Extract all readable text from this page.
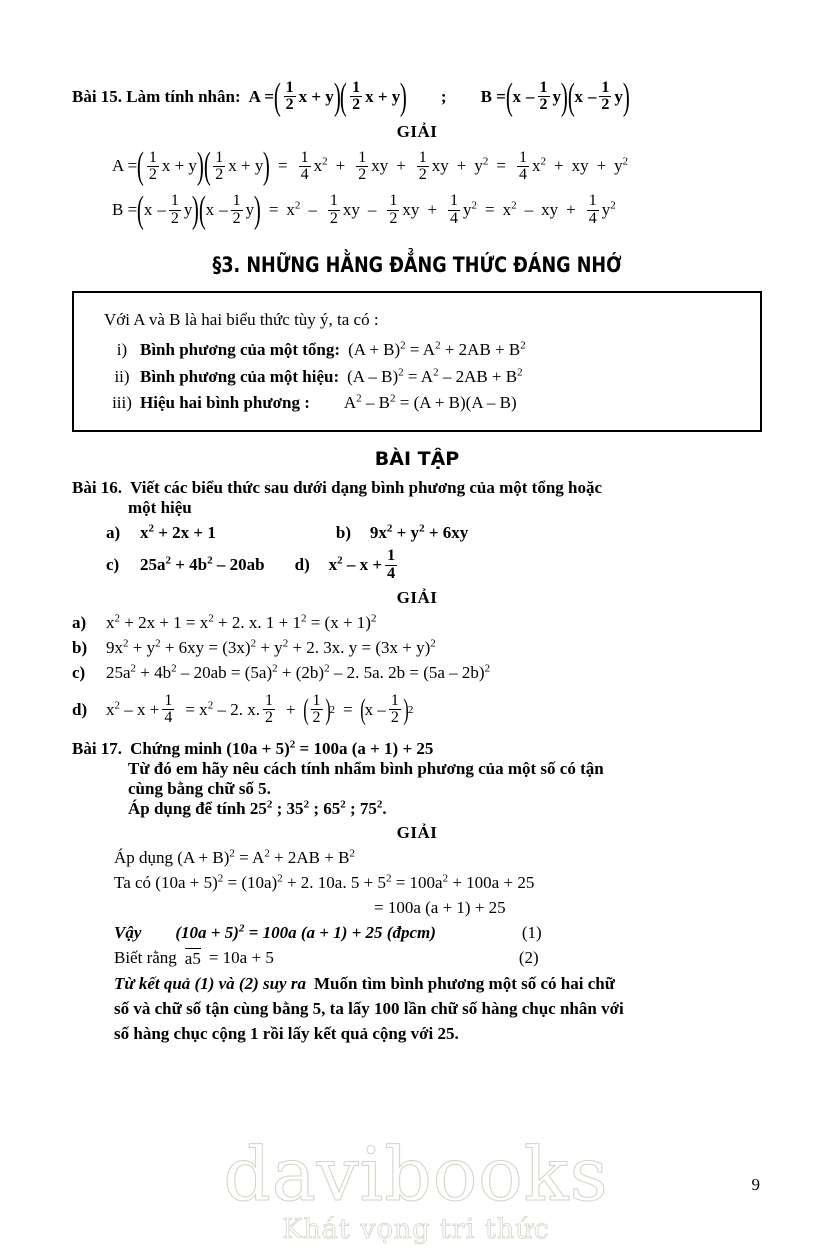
Bài 15. Làm tính nhân: A = ( $\frac{1}{2}$ x + y ) ( $\frac{1}{2}$ x + y ) ; B = ( x – $\frac{1}{2}$ y ) ( x – $\frac{1}{2}$ y )
GIẢI
A = ( $\frac{1}{2}$ x + y ) ( $\frac{1}{2}$ x + y ) = $\frac{1}{4} x^2 + \frac{1}{2}$ xy + $\frac{1}{2}$ xy + $y^2 = \frac{1}{4} x^2$ + xy + $y^2$
B = ( x – $\frac{1}{2}$ y ) ( x – $\frac{1}{2}$ y ) = $x^2 - \frac{1}{2}$ xy – $\frac{1}{2}$ xy + $\frac{1}{4} y^2 = x^2$ – xy + $\frac{1}{4} y^2$
§3. NHỮNG HẰNG ĐẲNG THỨC ĐÁNG NHỚ
Với A và B là hai biểu thức tùy ý, ta có :
i) Bình phương của một tổng: $(A + B)^2 = A^2 + 2AB + B^2$
ii) Bình phương của một hiệu: $(A - B)^2 = A^2 - 2AB + B^2$
iii) Hiệu hai bình phương : $A^2 - B^2 = (A + B)(A - B)$
BÀI TẬP
Bài 16. Viết các biểu thức sau dưới dạng bình phương của một tổng hoặc
một hiệu
a)	$x^2 + 2x + 1$	b)	$9x^2 + y^2 + 6xy$
c)	$25a^2 + 4b^2 - 20ab$ d)	$x^2 - x + \frac{1}{4}$
GIẢI
a)	$x^2 + 2x + 1 = x^2 + 2$. x. $1 + 1^2 = (x + 1)^2$
b)	$9x^2 + y^2 + 6xy = (3x)^2 + y^2 + 2$. 3x. $y = (3x + y)^2$
c)	$25a^2 + 4b^2 - 20ab = (5a)^2 + (2b)^2 - 2$. 5a. 2b = (5a – 2b)$^2$
d)	$x^2 - x + \frac{1}{4} = x^2 - 2$. x. $\frac{1}{2}$ + ( $\frac{1}{2}$ ) 2 = ( x – $\frac{1}{2}$ ) 2
Bài 17. Chứng minh $(10a + 5)^2 = 100a$ (a + 1) + 25
Từ đó em hãy nêu cách tính nhẩm bình phương của một số có tận
cùng bằng chữ số 5.
Áp dụng để tính $25^2$ ; $35^2$ ; $65^2$ ; $75^2$.
GIẢI
Áp dụng $(A + B)^2 = A^2 + 2AB + B^2$
Ta có $(10a + 5)^2 = (10a)^2 + 2$. 10a. $5 + 5^2 = 100a^2 + 100a + 25$
= 100a (a + 1) + 25
Vậy $(10a + 5)^2 = 100a$ (a + 1) + 25 (đpcm)	(1)
Biết rằng a5 = 10a + 5	(2)
Từ kết quả (1) và (2) suy ra Muốn tìm bình phương một số có hai chữ
số và chữ số tận cùng bằng 5, ta lấy 100 lần chữ số hàng chục nhân với
số hàng chục cộng 1 rồi lấy kết quả cộng với 25.
9
davibooks
Khát vọng tri thức
